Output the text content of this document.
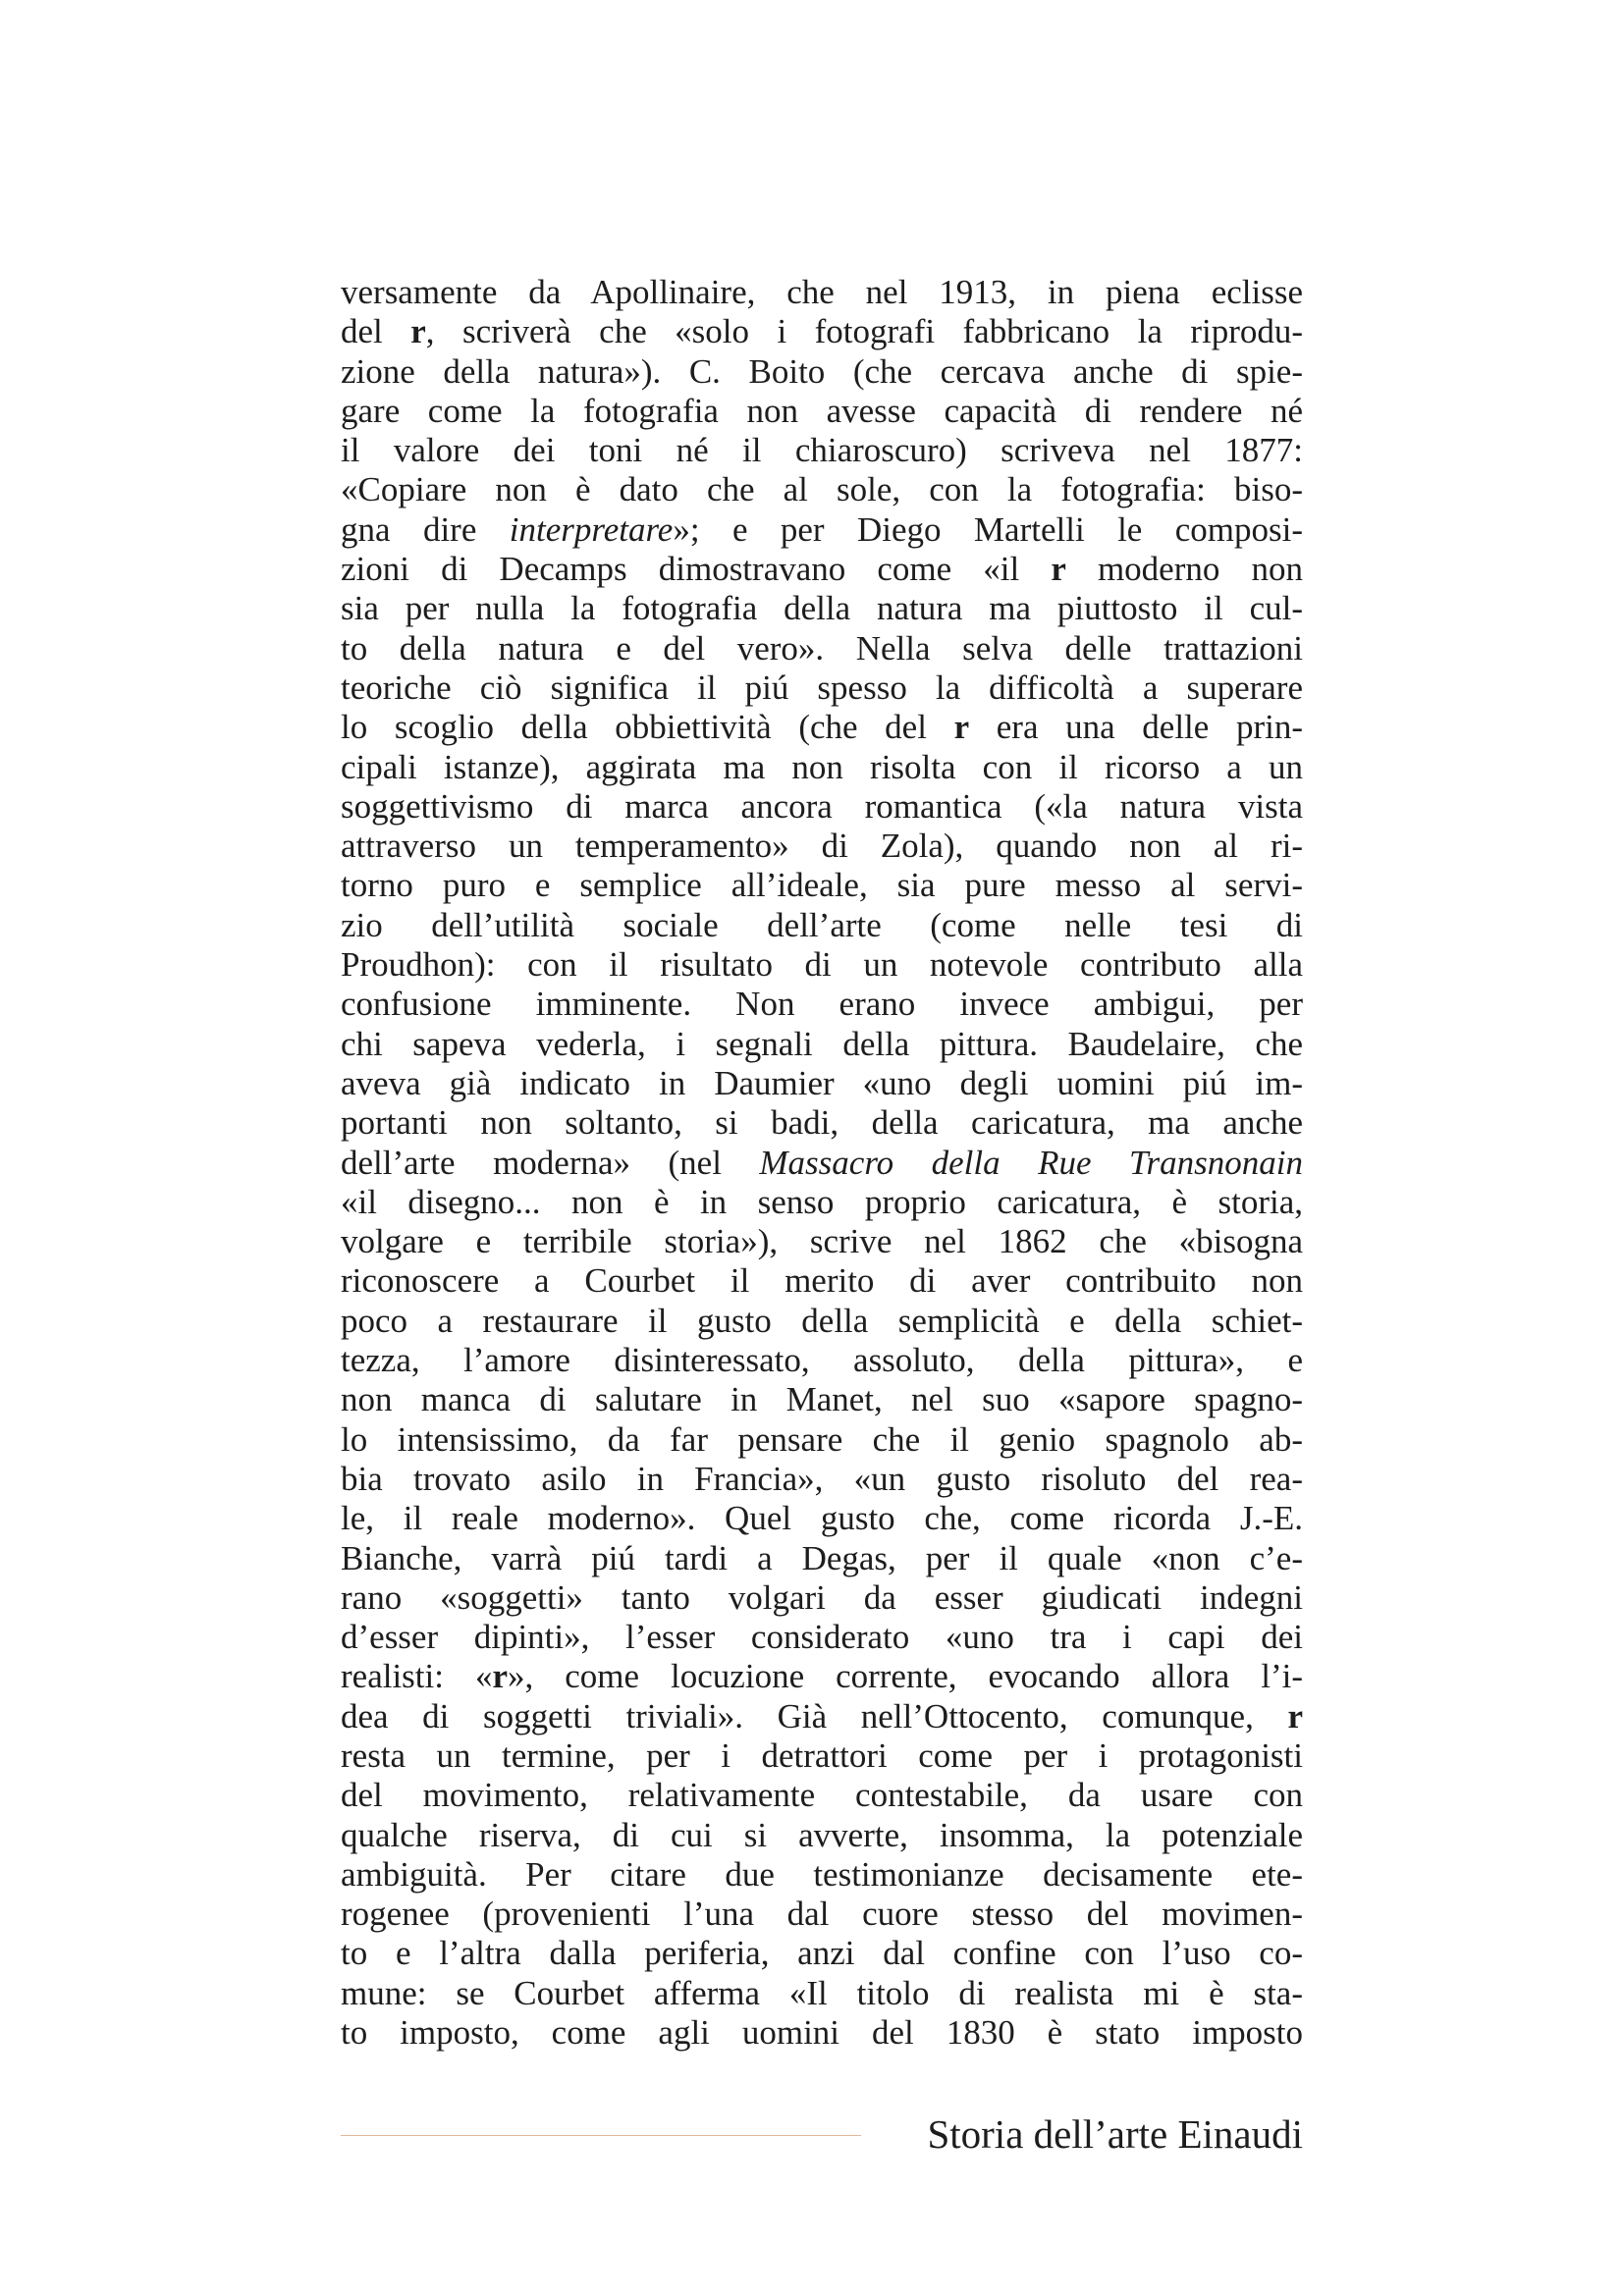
versamente da Apollinaire, che nel 1913, in piena eclisse
del r, scriverà che «solo i fotografi fabbricano la riprodu-
zione della natura»). C. Boito (che cercava anche di spie-
gare come la fotografia non avesse capacità di rendere né
il valore dei toni né il chiaroscuro) scriveva nel 1877:
«Copiare non è dato che al sole, con la fotografia: biso-
gna dire interpretare»; e per Diego Martelli le composi-
zioni di Decamps dimostravano come «il r moderno non
sia per nulla la fotografia della natura ma piuttosto il cul-
to della natura e del vero». Nella selva delle trattazioni
teoriche ciò significa il piú spesso la difficoltà a superare
lo scoglio della obbiettività (che del r era una delle prin-
cipali istanze), aggirata ma non risolta con il ricorso a un
soggettivismo di marca ancora romantica («la natura vista
attraverso un temperamento» di Zola), quando non al ri-
torno puro e semplice all’ideale, sia pure messo al servi-
zio dell’utilità sociale dell’arte (come nelle tesi di
Proudhon): con il risultato di un notevole contributo alla
confusione imminente. Non erano invece ambigui, per
chi sapeva vederla, i segnali della pittura. Baudelaire, che
aveva già indicato in Daumier «uno degli uomini piú im-
portanti non soltanto, si badi, della caricatura, ma anche
dell’arte moderna» (nel Massacro della Rue Transnonain
«il disegno... non è in senso proprio caricatura, è storia,
volgare e terribile storia»), scrive nel 1862 che «bisogna
riconoscere a Courbet il merito di aver contribuito non
poco a restaurare il gusto della semplicità e della schiet-
tezza, l’amore disinteressato, assoluto, della pittura», e
non manca di salutare in Manet, nel suo «sapore spagno-
lo intensissimo, da far pensare che il genio spagnolo ab-
bia trovato asilo in Francia», «un gusto risoluto del rea-
le, il reale moderno». Quel gusto che, come ricorda J.-E.
Bianche, varrà piú tardi a Degas, per il quale «non c’e-
rano «soggetti» tanto volgari da esser giudicati indegni
d’esser dipinti», l’esser considerato «uno tra i capi dei
realisti: «r», come locuzione corrente, evocando allora l’i-
dea di soggetti triviali». Già nell’Ottocento, comunque, r
resta un termine, per i detrattori come per i protagonisti
del movimento, relativamente contestabile, da usare con
qualche riserva, di cui si avverte, insomma, la potenziale
ambiguità. Per citare due testimonianze decisamente ete-
rogenee (provenienti l’una dal cuore stesso del movimen-
to e l’altra dalla periferia, anzi dal confine con l’uso co-
mune: se Courbet afferma «Il titolo di realista mi è sta-
to imposto, come agli uomini del 1830 è stato imposto
Storia dell’arte Einaudi
